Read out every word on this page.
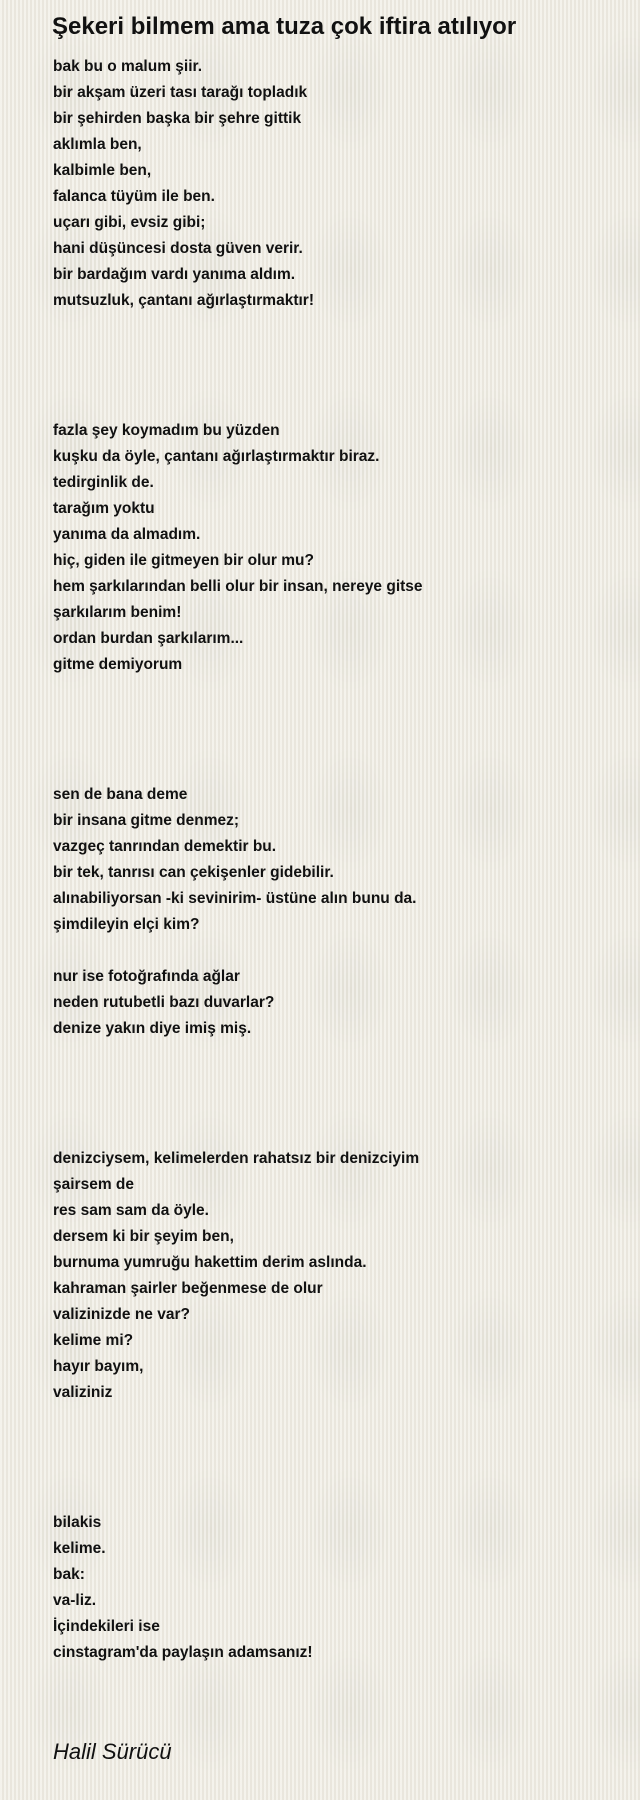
Şekeri bilmem ama tuza çok iftira atılıyor
bak bu o malum şiir.
bir akşam üzeri tası tarağı topladık
bir şehirden başka bir şehre gittik
aklımla ben,
kalbimle ben,
falanca tüyüm ile ben.
uçarı gibi, evsiz gibi;
hani düşüncesi dosta güven verir.
bir bardağım vardı yanıma aldım.
mutsuzluk, çantanı ağırlaştırmaktır!
fazla şey koymadım bu yüzden
kuşku da öyle, çantanı ağırlaştırmaktır biraz.
tedirginlik de.
tarağım yoktu
yanıma da almadım.
hiç, giden ile gitmeyen bir olur mu?
hem şarkılarından belli olur bir insan, nereye gitse
şarkılarım benim!
ordan burdan şarkılarım...
gitme demiyorum
sen de bana deme
bir insana gitme denmez;
vazgeç tanrından demektir bu.
bir tek, tanrısı can çekişenler gidebilir.
alınabiliyorsan -ki sevinirim- üstüne alın bunu da.
şimdileyin elçi kim?
nur ise fotoğrafında ağlar
neden rutubetli bazı duvarlar?
denize yakın diye imiş miş.
denizciysem, kelimelerden rahatsız bir denizciyim
şairsem de
res sam sam da öyle.
dersem ki bir şeyim ben,
burnuma yumruğu hakettim derim aslında.
kahraman şairler beğenmese de olur
valizinizde ne var?
kelime mi?
hayır bayım,
valiziniz
bilakis
kelime.
bak:
va-liz.
İçindekileri ise
cinstagram'da paylaşın adamsanız!
Halil Sürücü
